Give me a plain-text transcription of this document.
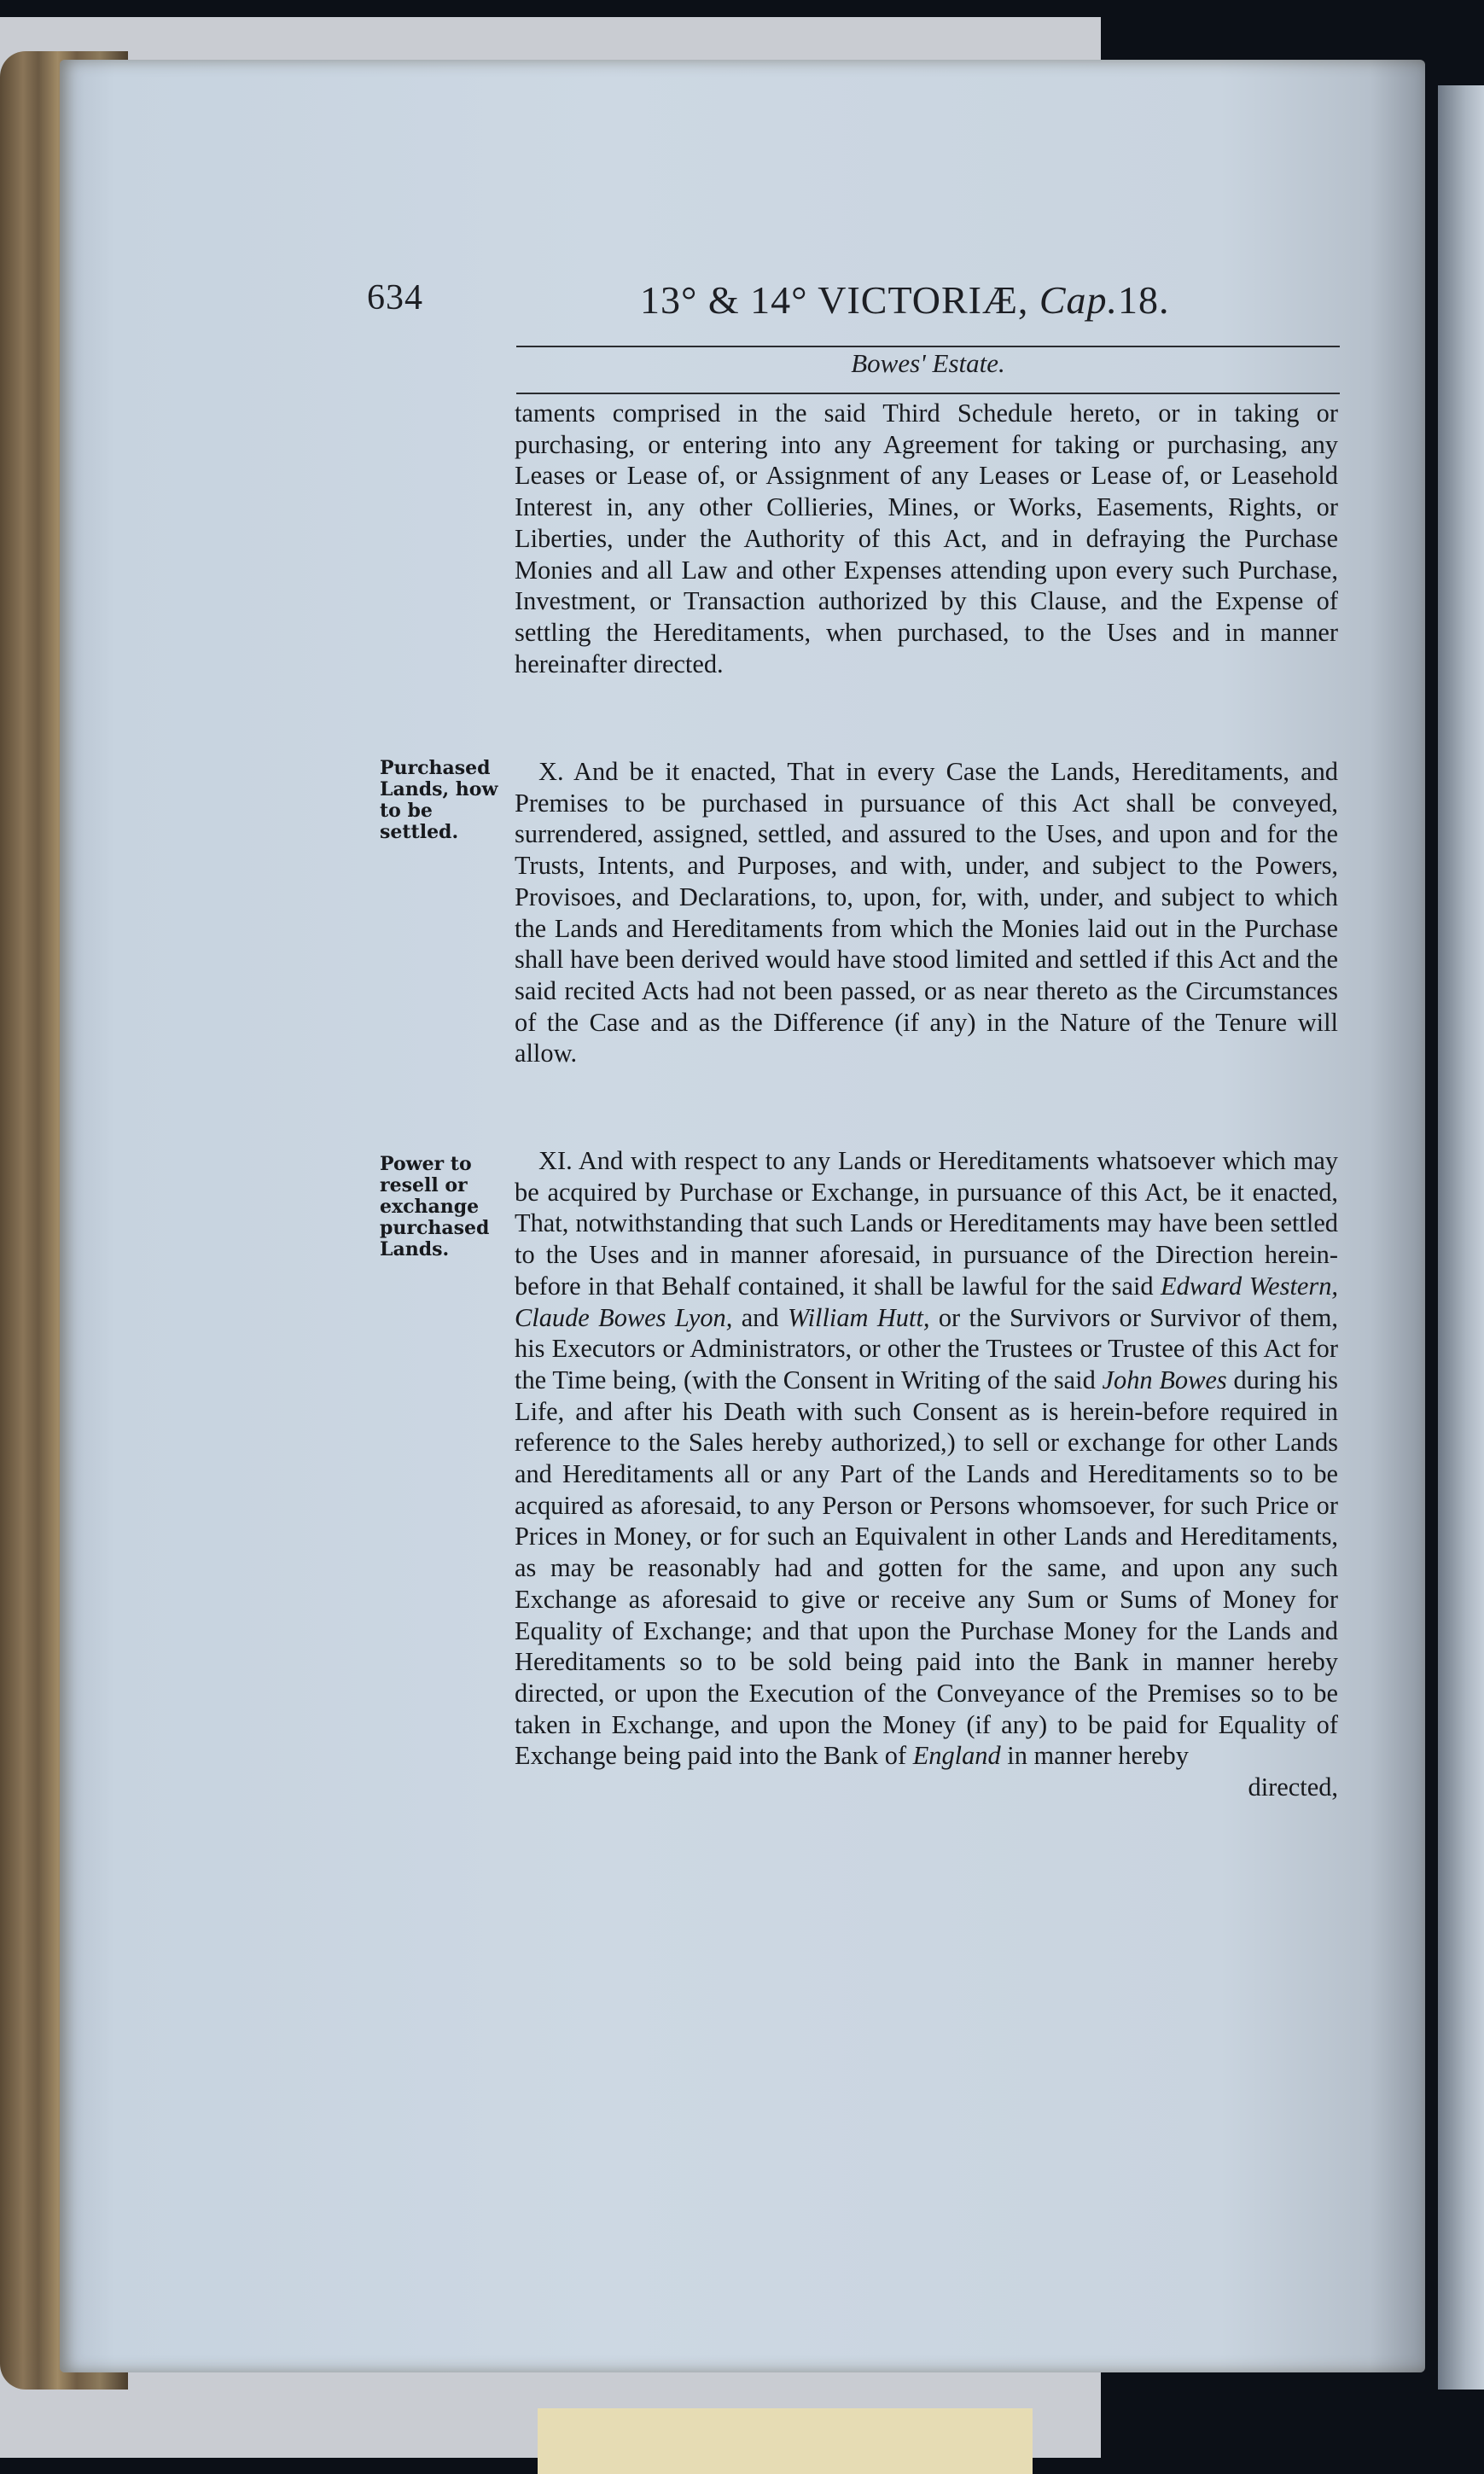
634	13° & 14° VICTORIÆ, Cap.18.
Bowes' Estate.

taments comprised in the said Third Schedule hereto, or in taking or purchasing, or entering into any Agreement for taking or purchasing, any Leases or Lease of, or Assignment of any Leases or Lease of, or Leasehold Interest in, any other Collieries, Mines, or Works, Easements, Rights, or Liberties, under the Authority of this Act, and in defraying the Purchase Monies and all Law and other Expenses attending upon every such Purchase, Investment, or Transaction authorized by this Clause, and the Expense of settling the Hereditaments, when purchased, to the Uses and in manner hereinafter directed.

Purchased Lands, how to be settled.

X. And be it enacted, That in every Case the Lands, Hereditaments, and Premises to be purchased in pursuance of this Act shall be conveyed, surrendered, assigned, settled, and assured to the Uses, and upon and for the Trusts, Intents, and Purposes, and with, under, and subject to the Powers, Provisoes, and Declarations, to, upon, for, with, under, and subject to which the Lands and Hereditaments from which the Monies laid out in the Purchase shall have been derived would have stood limited and settled if this Act and the said recited Acts had not been passed, or as near thereto as the Circumstances of the Case and as the Difference (if any) in the Nature of the Tenure will allow.

Power to resell or exchange purchased Lands.

XI. And with respect to any Lands or Hereditaments whatsoever which may be acquired by Purchase or Exchange, in pursuance of this Act, be it enacted, That, notwithstanding that such Lands or Hereditaments may have been settled to the Uses and in manner aforesaid, in pursuance of the Direction herein-before in that Behalf contained, it shall be lawful for the said Edward Western, Claude Bowes Lyon, and William Hutt, or the Survivors or Survivor of them, his Executors or Administrators, or other the Trustees or Trustee of this Act for the Time being, (with the Consent in Writing of the said John Bowes during his Life, and after his Death with such Consent as is herein-before required in reference to the Sales hereby authorized,) to sell or exchange for other Lands and Hereditaments all or any Part of the Lands and Hereditaments so to be acquired as aforesaid, to any Person or Persons whomsoever, for such Price or Prices in Money, or for such an Equivalent in other Lands and Hereditaments, as may be reasonably had and gotten for the same, and upon any such Exchange as aforesaid to give or receive any Sum or Sums of Money for Equality of Exchange; and that upon the Purchase Money for the Lands and Hereditaments so to be sold being paid into the Bank in manner hereby directed, or upon the Execution of the Conveyance of the Premises so to be taken in Exchange, and upon the Money (if any) to be paid for Equality of Exchange being paid into the Bank of England in manner hereby

directed,
